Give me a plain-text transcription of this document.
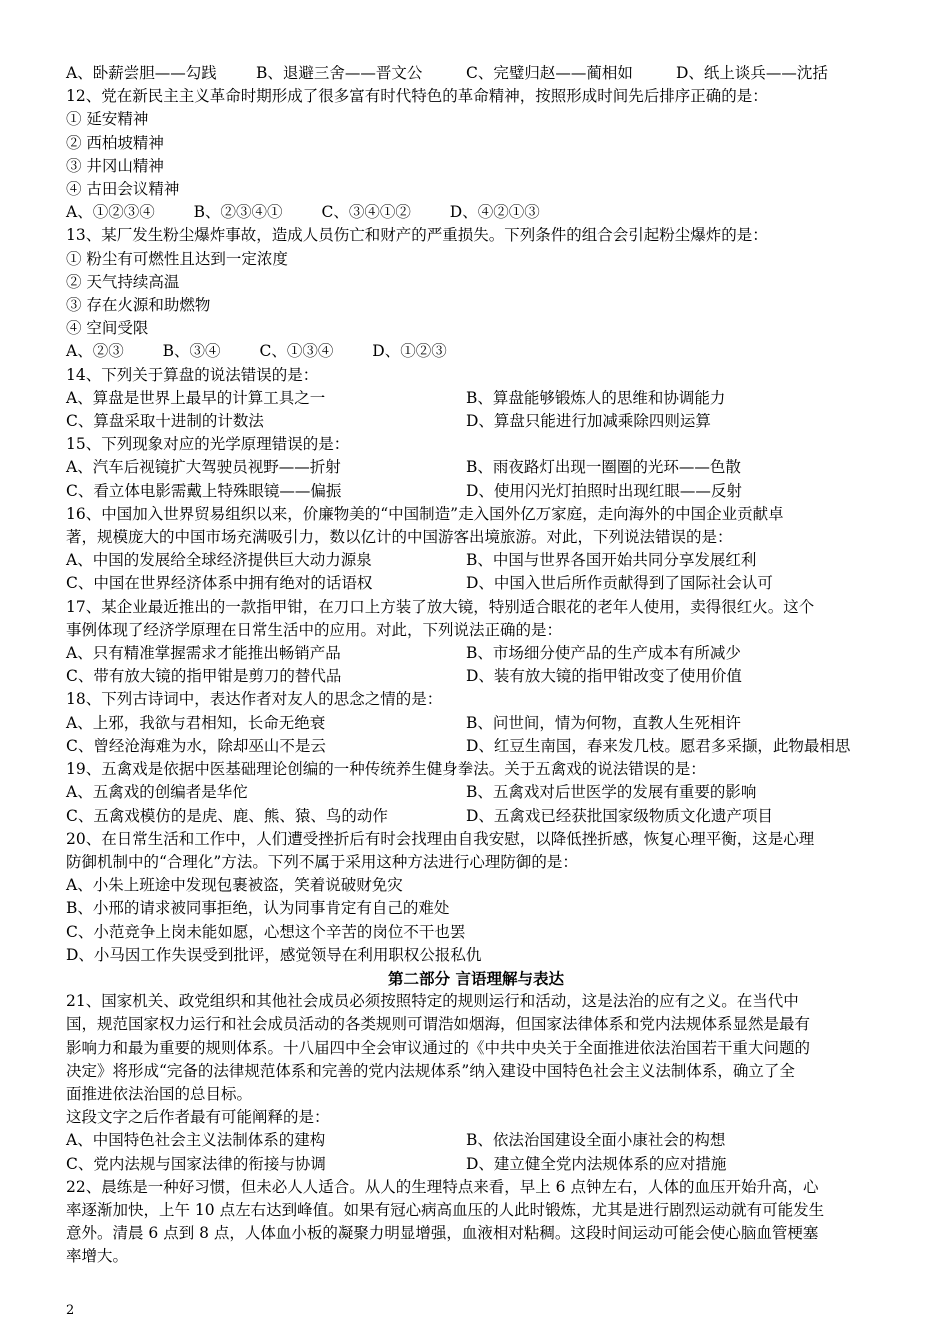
A、卧薪尝胆——勾践	B、退避三舍——晋文公	C、完璧归赵——蔺相如	D、纸上谈兵——沈括
12、党在新民主主义革命时期形成了很多富有时代特色的革命精神，按照形成时间先后排序正确的是：
① 延安精神
② 西柏坡精神
③ 井冈山精神
④ 古田会议精神
A、①②③④	B、②③④①	C、③④①②	D、④②①③
13、某厂发生粉尘爆炸事故，造成人员伤亡和财产的严重损失。下列条件的组合会引起粉尘爆炸的是：
① 粉尘有可燃性且达到一定浓度
② 天气持续高温
③ 存在火源和助燃物
④ 空间受限
A、②③	B、③④	C、①③④	D、①②③
14、下列关于算盘的说法错误的是：
A、算盘是世界上最早的计算工具之一	B、算盘能够锻炼人的思维和协调能力
C、算盘采取十进制的计数法	D、算盘只能进行加减乘除四则运算
15、下列现象对应的光学原理错误的是：
A、汽车后视镜扩大驾驶员视野——折射	B、雨夜路灯出现一圈圈的光环——色散
C、看立体电影需戴上特殊眼镜——偏振	D、使用闪光灯拍照时出现红眼——反射
16、中国加入世界贸易组织以来，价廉物美的“中国制造”走入国外亿万家庭，走向海外的中国企业贡献卓
著，规模庞大的中国市场充满吸引力，数以亿计的中国游客出境旅游。对此，下列说法错误的是：
A、中国的发展给全球经济提供巨大动力源泉	B、中国与世界各国开始共同分享发展红利
C、中国在世界经济体系中拥有绝对的话语权	D、中国入世后所作贡献得到了国际社会认可
17、某企业最近推出的一款指甲钳，在刀口上方装了放大镜，特别适合眼花的老年人使用，卖得很红火。这个
事例体现了经济学原理在日常生活中的应用。对此，下列说法正确的是：
A、只有精准掌握需求才能推出畅销产品	B、市场细分使产品的生产成本有所减少
C、带有放大镜的指甲钳是剪刀的替代品	D、装有放大镜的指甲钳改变了使用价值
18、下列古诗词中，表达作者对友人的思念之情的是：
A、上邪，我欲与君相知，长命无绝衰	B、问世间，情为何物，直教人生死相许
C、曾经沧海难为水，除却巫山不是云	D、红豆生南国，春来发几枝。愿君多采撷，此物最相思
19、五禽戏是依据中医基础理论创编的一种传统养生健身拳法。关于五禽戏的说法错误的是：
A、五禽戏的创编者是华佗	B、五禽戏对后世医学的发展有重要的影响
C、五禽戏模仿的是虎、鹿、熊、猿、鸟的动作	D、五禽戏已经获批国家级物质文化遗产项目
20、在日常生活和工作中，人们遭受挫折后有时会找理由自我安慰，以降低挫折感，恢复心理平衡，这是心理
防御机制中的“合理化”方法。下列不属于采用这种方法进行心理防御的是：
A、小朱上班途中发现包裹被盗，笑着说破财免灾
B、小邢的请求被同事拒绝，认为同事肯定有自己的难处
C、小范竞争上岗未能如愿，心想这个辛苦的岗位不干也罢
D、小马因工作失误受到批评，感觉领导在利用职权公报私仇
第二部分 言语理解与表达
21、国家机关、政党组织和其他社会成员必须按照特定的规则运行和活动，这是法治的应有之义。在当代中
国，规范国家权力运行和社会成员活动的各类规则可谓浩如烟海，但国家法律体系和党内法规体系显然是最有
影响力和最为重要的规则体系。十八届四中全会审议通过的《中共中央关于全面推进依法治国若干重大问题的
决定》将形成“完备的法律规范体系和完善的党内法规体系”纳入建设中国特色社会主义法制体系，确立了全
面推进依法治国的总目标。
这段文字之后作者最有可能阐释的是：
A、中国特色社会主义法制体系的建构	B、依法治国建设全面小康社会的构想
C、党内法规与国家法律的衔接与协调	D、建立健全党内法规体系的应对措施
22、晨练是一种好习惯，但未必人人适合。从人的生理特点来看，早上 6 点钟左右，人体的血压开始升高，心
率逐渐加快，上午 10 点左右达到峰值。如果有冠心病高血压的人此时锻炼，尤其是进行剧烈运动就有可能发生
意外。清晨 6 点到 8 点，人体血小板的凝聚力明显增强，血液相对粘稠。这段时间运动可能会使心脑血管梗塞
率增大。
2
